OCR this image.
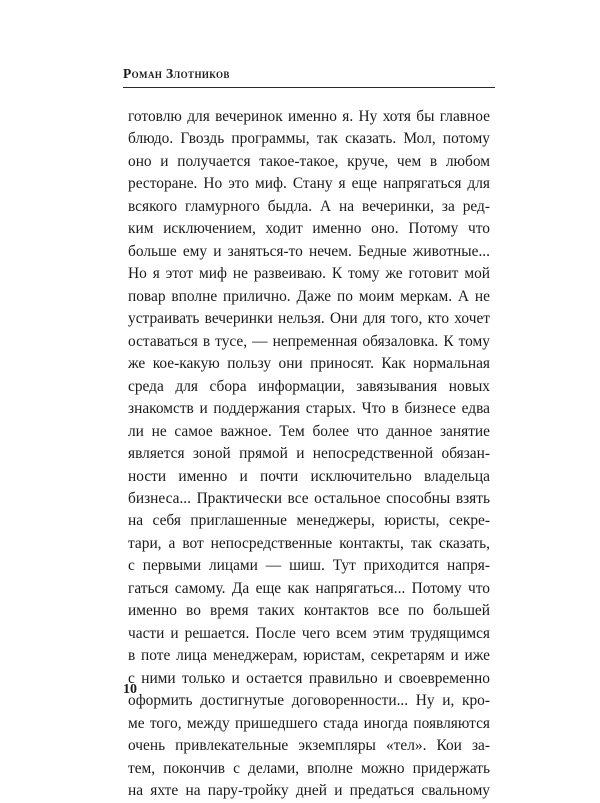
Роман Злотников
готовлю для вечеринок именно я. Ну хотя бы главное
блюдо. Гвоздь программы, так сказать. Мол, потому
оно и получается такое-такое, круче, чем в любом
ресторане. Но это миф. Стану я еще напрягаться для
всякого гламурного быдла. А на вечеринки, за ред-
ким исключением, ходит именно оно. Потому что
больше ему и заняться-то нечем. Бедные животные...
Но я этот миф не развеиваю. К тому же готовит мой
повар вполне прилично. Даже по моим меркам. А не
устраивать вечеринки нельзя. Они для того, кто хочет
оставаться в тусе, — непременная обязаловка. К тому
же кое-какую пользу они приносят. Как нормальная
среда для сбора информации, завязывания новых
знакомств и поддержания старых. Что в бизнесе едва
ли не самое важное. Тем более что данное занятие
является зоной прямой и непосредственной обязан-
ности именно и почти исключительно владельца
бизнеса... Практически все остальное способны взять
на себя приглашенные менеджеры, юристы, секре-
тари, а вот непосредственные контакты, так сказать,
с первыми лицами — шиш. Тут приходится напря-
гаться самому. Да еще как напрягаться... Потому что
именно во время таких контактов все по большей
части и решается. После чего всем этим трудящимся
в поте лица менеджерам, юристам, секретарям и иже
с ними только и остается правильно и своевременно
оформить достигнутые договоренности... Ну и, кро-
ме того, между пришедшего стада иногда появляются
очень привлекательные экземпляры «тел». Кои за-
тем, покончив с делами, вполне можно придержать
на яхте на пару-тройку дней и предаться свальному
10
